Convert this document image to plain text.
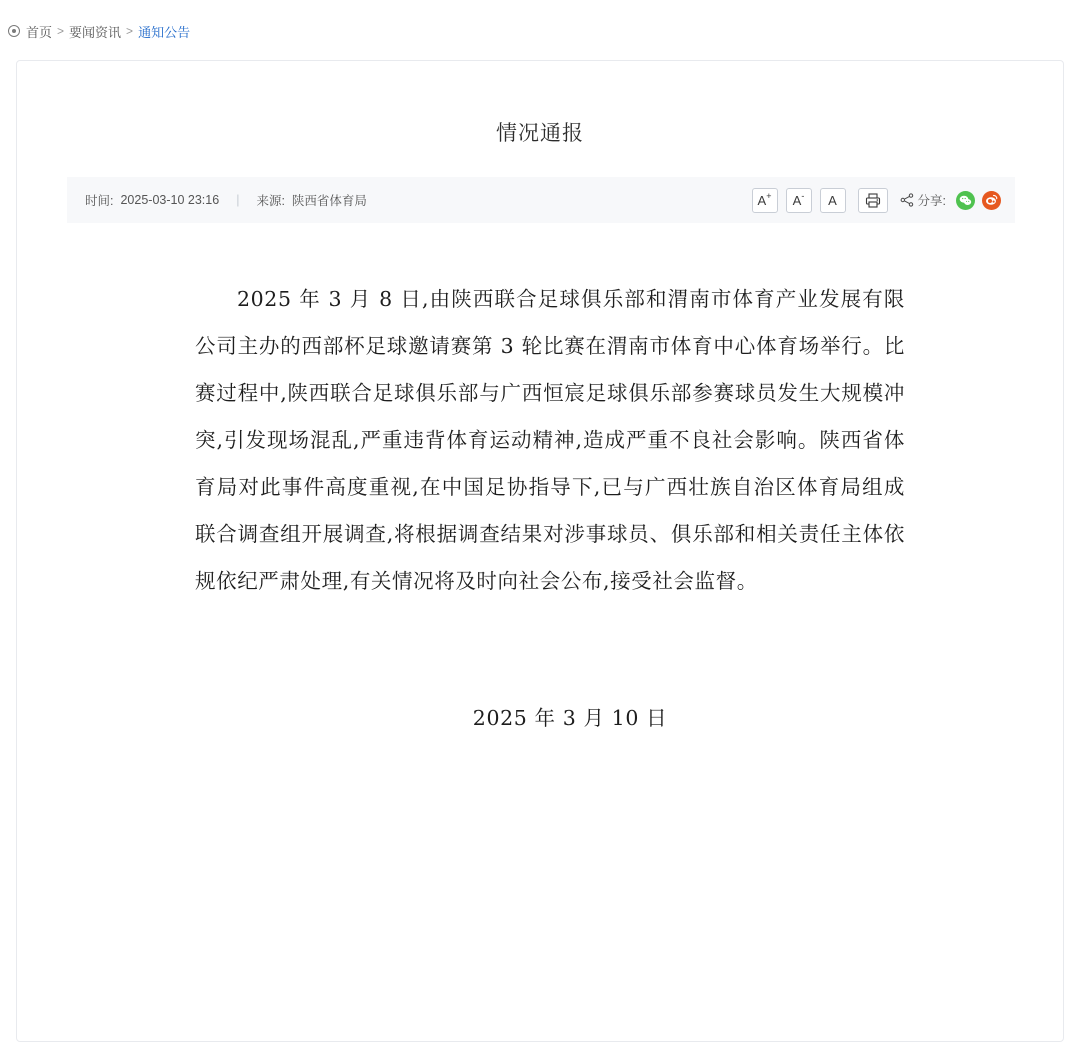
首页 > 要闻资讯 > 通知公告
情况通报
时间: 2025-03-10 23:16	|	来源: 陕西省体育局	A + A - A	分享:

2025 年 3 月 8 日,由陕西联合足球俱乐部和渭南市体育产业发展有限公司主办的西部杯足球邀请赛第 3 轮比赛在渭南市体育中心体育场举行。比赛过程中,陕西联合足球俱乐部与广西恒宸足球俱乐部参赛球员发生大规模冲突,引发现场混乱,严重违背体育运动精神,造成严重不良社会影响。陕西省体育局对此事件高度重视,在中国足协指导下,已与广西壮族自治区体育局组成联合调查组开展调查,将根据调查结果对涉事球员、俱乐部和相关责任主体依规依纪严肃处理,有关情况将及时向社会公布,接受社会监督。

2025 年 3 月 10 日
